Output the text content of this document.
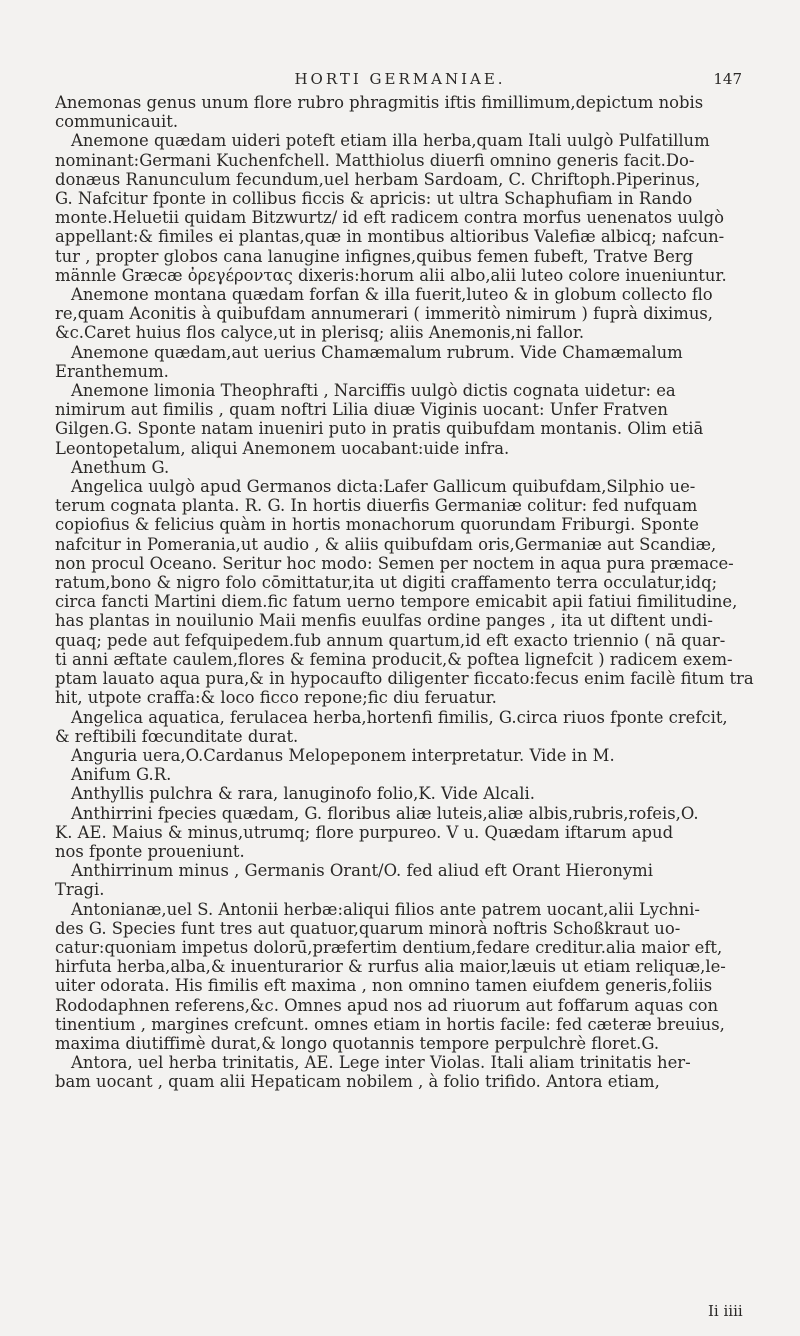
HORTI GERMANIAE.	147
Anemonas genus unum flore rubro phragmitis iftis fimillimum,depictum nobis
communicauit.
Anemone quædam uideri poteft etiam illa herba,quam Itali uulgò Pulfatillum
nominant:Germani Kuchenfchell. Matthiolus diuerfi omnino generis facit.Do-
donæus Ranunculum fecundum,uel herbam Sardoam, C. Chriftoph.Piperinus,
G. Nafcitur fponte in collibus ficcis & apricis: ut ultra Schaphufiam in Rando
monte.Heluetii quidam Bitzwurtz/ id eft radicem contra morfus uenenatos uulgò
appellant:& fimiles ei plantas,quæ in montibus altioribus Valefiæ albicq; nafcun-
tur , propter globos cana lanugine infignes,quibus femen fubeft, Tratve Berg
männle Græcæ ὀρεγέροντας dixeris:horum alii albo,alii luteo colore inueniuntur.
Anemone montana quædam forfan & illa fuerit,luteo & in globum collecto flo
re,quam Aconitis à quibufdam annumerari ( immeritò nimirum ) fuprà diximus,
&c.Caret huius flos calyce,ut in plerisq; aliis Anemonis,ni fallor.
Anemone quædam,aut uerius Chamæmalum rubrum. Vide Chamæmalum
Eranthemum.
Anemone limonia Theophrafti , Narciffis uulgò dictis cognata uidetur: ea
nimirum aut fimilis , quam noftri Lilia diuæ Viginis uocant: Unfer Fratven
Gilgen.G. Sponte natam inueniri puto in pratis quibufdam montanis. Olim etiā
Leontopetalum, aliqui Anemonem uocabant:uide infra.
Anethum G.
Angelica uulgò apud Germanos dicta:Lafer Gallicum quibufdam,Silphio ue-
terum cognata planta. R. G. In hortis diuerfis Germaniæ colitur: fed nufquam
copiofius & felicius quàm in hortis monachorum quorundam Friburgi. Sponte
nafcitur in Pomerania,ut audio , & aliis quibufdam oris,Germaniæ aut Scandiæ,
non procul Oceano. Seritur hoc modo: Semen per noctem in aqua pura præmace-
ratum,bono & nigro folo cōmittatur,ita ut digiti craffamento terra occulatur,idq;
circa fancti Martini diem.fic fatum uerno tempore emicabit apii fatiui fimilitudine,
has plantas in nouilunio Maii menfis euulfas ordine panges , ita ut diftent undi-
quaq; pede aut fefquipedem.fub annum quartum,id eft exacto triennio ( nā quar-
ti anni æftate caulem,flores & femina producit,& poftea lignefcit ) radicem exem-
ptam lauato aqua pura,& in hypocaufto diligenter ficcato:fecus enim facilè fitum tra
hit, utpote craffa:& loco ficco repone;fic diu feruatur.
Angelica aquatica, ferulacea herba,hortenfi fimilis, G.circa riuos fponte crefcit,
& reftibili fœcunditate durat.
Anguria uera,O.Cardanus Melopeponem interpretatur. Vide in M.
Anifum G.R.
Anthyllis pulchra & rara, lanuginofo folio,K. Vide Alcali.
Anthirrini fpecies quædam, G. floribus aliæ luteis,aliæ albis,rubris,rofeis,O.
K. AE. Maius & minus,utrumq; flore purpureo. V u. Quædam iftarum apud
nos fponte proueniunt.
Anthirrinum minus , Germanis Orant/O. fed aliud eft Orant Hieronymi
Tragi.
Antonianæ,uel S. Antonii herbæ:aliqui filios ante patrem uocant,alii Lychni-
des G. Species funt tres aut quatuor,quarum minorà noftris Schoßkraut uo-
catur:quoniam impetus dolorū,præfertim dentium,fedare creditur.alia maior eft,
hirfuta herba,alba,& inuenturarior & rurfus alia maior,læuis ut etiam reliquæ,le-
uiter odorata. His fimilis eft maxima , non omnino tamen eiufdem generis,foliis
Rododaphnen referens,&c. Omnes apud nos ad riuorum aut foffarum aquas con
tinentium , margines crefcunt. omnes etiam in hortis facile: fed cæteræ breuius,
maxima diutiffimè durat,& longo quotannis tempore perpulchrè floret.G.
Antora, uel herba trinitatis, AE. Lege inter Violas. Itali aliam trinitatis her-
bam uocant , quam alii Hepaticam nobilem , à folio trifido. Antora etiam,
Ii iiii
